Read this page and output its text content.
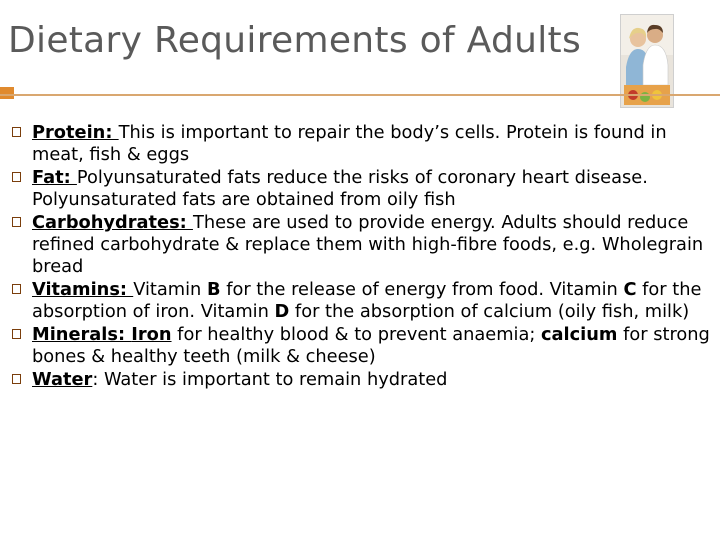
Dietary Requirements of Adults
Protein: This is important to repair the body’s cells. Protein is found in meat, fish & eggs
Fat: Polyunsaturated fats reduce the risks of coronary heart disease. Polyunsaturated fats are obtained from oily fish
Carbohydrates: These are used to provide energy. Adults should reduce refined carbohydrate & replace them with high-fibre foods, e.g. Wholegrain bread
Vitamins: Vitamin B for the release of energy from food. Vitamin C for the absorption of iron. Vitamin D for the absorption of calcium (oily fish, milk)
Minerals: Iron for healthy blood & to prevent anaemia; calcium for strong bones & healthy teeth (milk & cheese)
Water: Water is important to remain hydrated
